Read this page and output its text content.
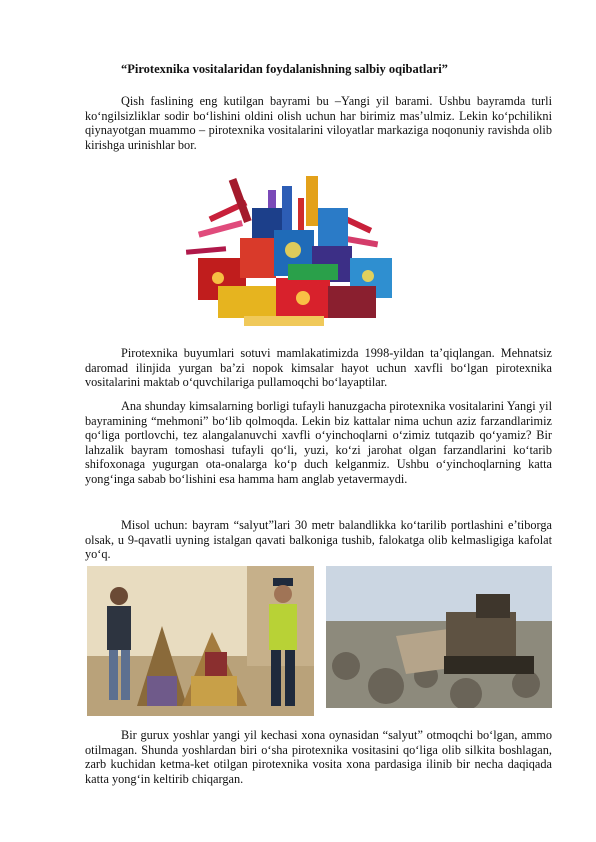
“Pirotexnika vositalaridan foydalanishning salbiy oqibatlari”

Qish faslining eng kutilgan bayrami bu –Yangi yil barami. Ushbu bayramda turli ko‘ngilsizliklar sodir bo‘lishini oldini olish uchun har birimiz mas’ulmiz. Lekin ko‘pchilikni qiynayotgan muammo – pirotexnika vositalarini viloyatlar markaziga noqonuniy ravishda olib kirishga urinishlar bor.

Pirotexnika buyumlari sotuvi mamlakatimizda 1998-yildan ta’qiqlangan. Mehnatsiz daromad ilinjida yurgan ba’zi nopok kimsalar hayot uchun xavfli bo‘lgan pirotexnika vositalarini maktab o‘quvchilariga pullamoqchi bo‘layaptilar.

Ana shunday kimsalarning borligi tufayli hanuzgacha pirotexnika vositalarini Yangi yil bayramining “mehmoni” bo‘lib qolmoqda. Lekin biz kattalar nima uchun aziz farzandlarimiz qo‘liga portlovchi, tez alangalanuvchi xavfli o‘yinchoqlarni o‘zimiz tutqazib qo‘yamiz? Bir lahzalik bayram tomoshasi tufayli qo‘li, yuzi, ko‘zi jarohat olgan farzandlarini ko‘tarib shifoxonaga yugurgan ota-onalarga ko‘p duch kelganmiz. Ushbu o‘yinchoqlarning katta yong‘inga sabab bo‘lishini esa hamma ham anglab yetavermaydi.

Misol uchun: bayram “salyut”lari 30 metr balandlikka ko‘tarilib portlashini e’tiborga olsak, u 9-qavatli uyning istalgan qavati balkoniga tushib, falokatga olib kelmasligiga kafolat yo‘q.

Bir gurux yoshlar yangi yil kechasi xona oynasidan “salyut” otmoqchi bo‘lgan, ammo otilmagan. Shunda yoshlardan biri o‘sha pirotexnika vositasini qo‘liga olib silkita boshlagan, zarb kuchidan ketma-ket otilgan pirotexnika vosita xona pardasiga ilinib bir necha daqiqada katta yong‘in keltirib chiqargan.
